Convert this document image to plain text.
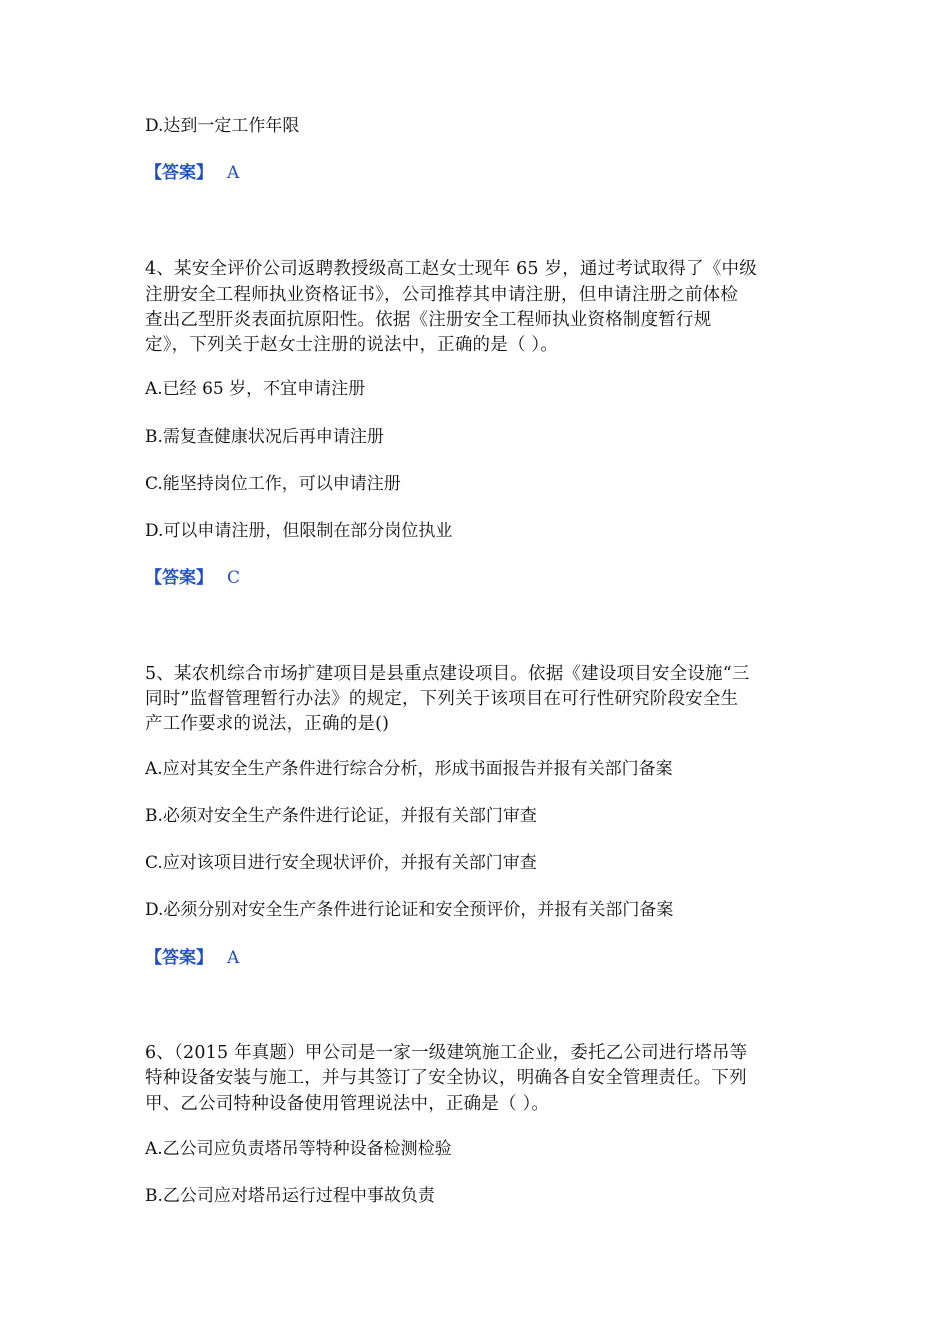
D.达到一定工作年限
【答案】 A
4、某安全评价公司返聘教授级高工赵女士现年 65 岁，通过考试取得了《中级
注册安全工程师执业资格证书》，公司推荐其申请注册，但申请注册之前体检
查出乙型肝炎表面抗原阳性。依据《注册安全工程师执业资格制度暂行规
定》，下列关于赵女士注册的说法中，正确的是（ ）。
A.已经 65 岁，不宜申请注册
B.需复查健康状况后再申请注册
C.能坚持岗位工作，可以申请注册
D.可以申请注册，但限制在部分岗位执业
【答案】 C
5、某农机综合市场扩建项目是县重点建设项目。依据《建设项目安全设施“三
同时”监督管理暂行办法》的规定，下列关于该项目在可行性研究阶段安全生
产工作要求的说法，正确的是()
A.应对其安全生产条件进行综合分析，形成书面报告并报有关部门备案
B.必须对安全生产条件进行论证，并报有关部门审查
C.应对该项目进行安全现状评价，并报有关部门审查
D.必须分别对安全生产条件进行论证和安全预评价，并报有关部门备案
【答案】 A
6、（2015 年真题）甲公司是一家一级建筑施工企业，委托乙公司进行塔吊等
特种设备安装与施工，并与其签订了安全协议，明确各自安全管理责任。下列
甲、乙公司特种设备使用管理说法中，正确是（ ）。
A.乙公司应负责塔吊等特种设备检测检验
B.乙公司应对塔吊运行过程中事故负责
